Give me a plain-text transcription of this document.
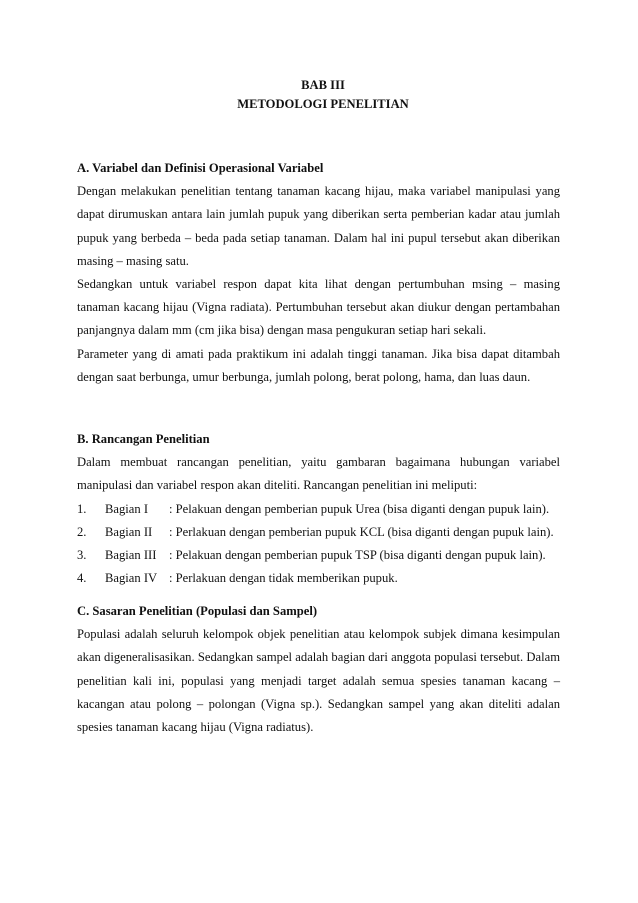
BAB III

METODOLOGI PENELITIAN

A. Variabel dan Definisi Operasional Variabel

Dengan melakukan penelitian tentang tanaman kacang hijau, maka variabel manipulasi yang dapat dirumuskan antara lain jumlah pupuk yang diberikan serta pemberian kadar atau jumlah pupuk yang berbeda – beda pada setiap tanaman. Dalam hal ini pupul tersebut akan diberikan masing – masing satu.

Sedangkan untuk variabel respon dapat kita lihat dengan pertumbuhan msing – masing tanaman kacang hijau (Vigna radiata). Pertumbuhan tersebut akan diukur dengan pertambahan panjangnya dalam mm (cm jika bisa) dengan masa pengukuran setiap hari sekali.

Parameter yang di amati pada praktikum ini adalah tinggi tanaman. Jika bisa dapat ditambah dengan saat berbunga, umur berbunga, jumlah polong, berat polong, hama, dan luas daun.

B. Rancangan Penelitian

Dalam membuat rancangan penelitian, yaitu gambaran bagaimana hubungan variabel manipulasi dan variabel respon akan diteliti. Rancangan penelitian ini meliputi:

1.	Bagian I	: Pelakuan dengan pemberian pupuk Urea (bisa diganti dengan pupuk lain).
2.	Bagian II	: Perlakuan dengan pemberian pupuk KCL (bisa diganti dengan pupuk lain).
3.	Bagian III : Pelakuan dengan pemberian pupuk TSP (bisa diganti dengan pupuk lain).
4.	Bagian IV : Perlakuan dengan tidak memberikan pupuk.

C. Sasaran Penelitian (Populasi dan Sampel)

Populasi adalah seluruh kelompok objek penelitian atau kelompok subjek dimana kesimpulan akan digeneralisasikan. Sedangkan sampel adalah bagian dari anggota populasi tersebut. Dalam penelitian kali ini, populasi yang menjadi target adalah semua spesies tanaman kacang – kacangan atau polong – polongan (Vigna sp.). Sedangkan sampel yang akan diteliti adalan spesies tanaman kacang hijau (Vigna radiatus).
